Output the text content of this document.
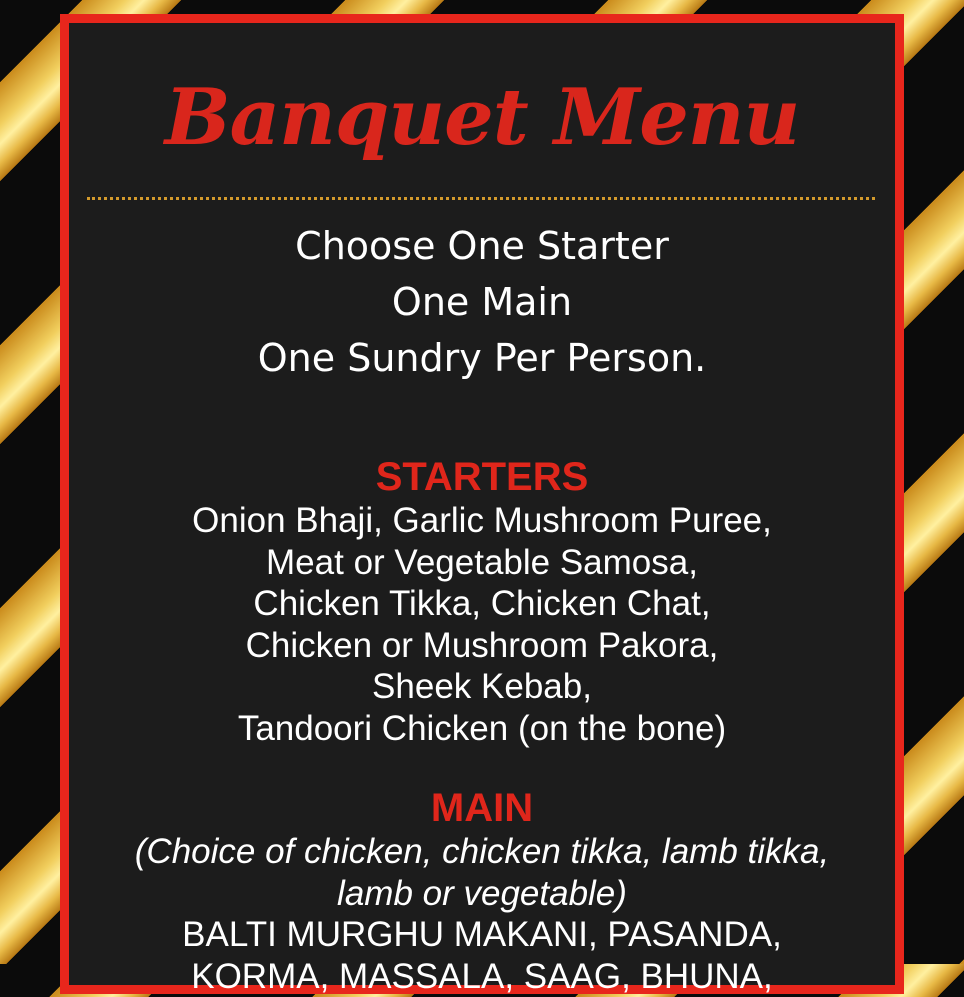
Banquet Menu
Choose One Starter
One Main
One Sundry Per Person.
STARTERS
Onion Bhaji, Garlic Mushroom Puree,
Meat or Vegetable Samosa,
Chicken Tikka, Chicken Chat,
Chicken or Mushroom Pakora,
Sheek Kebab,
Tandoori Chicken (on the bone)
MAIN
(Choice of chicken, chicken tikka, lamb tikka,
lamb or vegetable)
BALTI MURGHU MAKANI, PASANDA,
KORMA, MASSALA, SAAG, BHUNA,
